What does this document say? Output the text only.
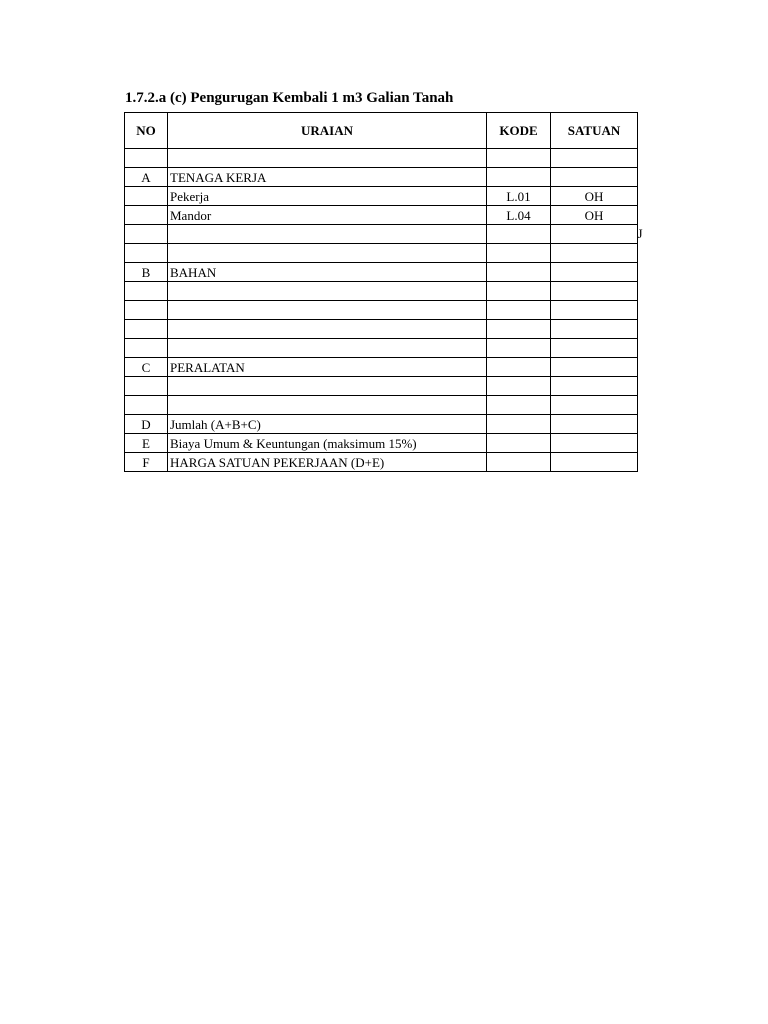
1.7.2.a (c) Pengurugan Kembali 1 m3 Galian Tanah
NO	URAIAN	KODE	SATUAN

A	TENAGA KERJA		
	Pekerja	L.01	OH
	Mandor	L.04	OH

			J

B	BAHAN		

C	PERALATAN		

D	Jumlah (A+B+C)		
E	Biaya Umum & Keuntungan (maksimum 15%)		
F	HARGA SATUAN PEKERJAAN (D+E)		
